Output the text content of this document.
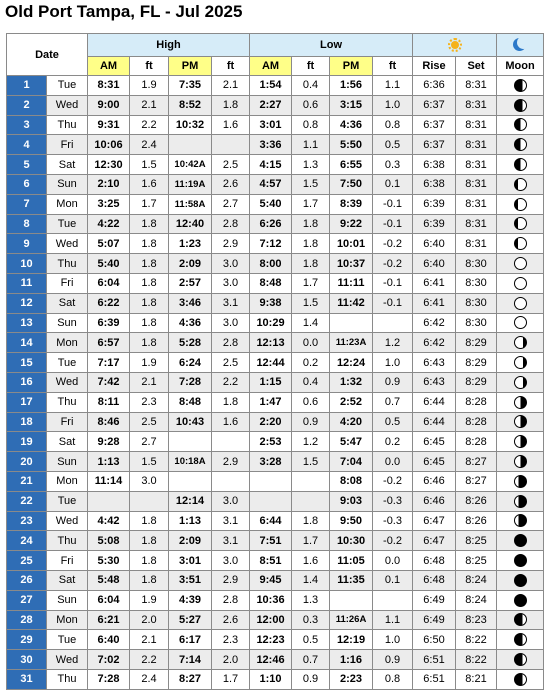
Old Port Tampa, FL - Jul 2025
Date		High				Low						
		AM	ft	PM	ft	AM	ft	PM	ft	Rise	Set	Moon
1	Tue	8:31	1.9	7:35	2.1	1:54	0.4	1:56	1.1	6:36	8:31	
2	Wed	9:00	2.1	8:52	1.8	2:27	0.6	3:15	1.0	6:37	8:31	
3	Thu	9:31	2.2	10:32	1.6	3:01	0.8	4:36	0.8	6:37	8:31	
4	Fri	10:06	2.4			3:36	1.1	5:50	0.5	6:37	8:31	
5	Sat	12:30	1.5	10:42A	2.5	4:15	1.3	6:55	0.3	6:38	8:31	
6	Sun	2:10	1.6	11:19A	2.6	4:57	1.5	7:50	0.1	6:38	8:31	
7	Mon	3:25	1.7	11:58A	2.7	5:40	1.7	8:39	-0.1	6:39	8:31	
8	Tue	4:22	1.8	12:40	2.8	6:26	1.8	9:22	-0.1	6:39	8:31	
9	Wed	5:07	1.8	1:23	2.9	7:12	1.8	10:01	-0.2	6:40	8:31	
10	Thu	5:40	1.8	2:09	3.0	8:00	1.8	10:37	-0.2	6:40	8:30	
11	Fri	6:04	1.8	2:57	3.0	8:48	1.7	11:11	-0.1	6:41	8:30	
12	Sat	6:22	1.8	3:46	3.1	9:38	1.5	11:42	-0.1	6:41	8:30	
13	Sun	6:39	1.8	4:36	3.0	10:29	1.4			6:42	8:30	
14	Mon	6:57	1.8	5:28	2.8	12:13	0.0	11:23A	1.2	6:42	8:29	
15	Tue	7:17	1.9	6:24	2.5	12:44	0.2	12:24	1.0	6:43	8:29	
16	Wed	7:42	2.1	7:28	2.2	1:15	0.4	1:32	0.9	6:43	8:29	
17	Thu	8:11	2.3	8:48	1.8	1:47	0.6	2:52	0.7	6:44	8:28	
18	Fri	8:46	2.5	10:43	1.6	2:20	0.9	4:20	0.5	6:44	8:28	
19	Sat	9:28	2.7			2:53	1.2	5:47	0.2	6:45	8:28	
20	Sun	1:13	1.5	10:18A	2.9	3:28	1.5	7:04	0.0	6:45	8:27	
21	Mon	11:14	3.0					8:08	-0.2	6:46	8:27	
22	Tue			12:14	3.0			9:03	-0.3	6:46	8:26	
23	Wed	4:42	1.8	1:13	3.1	6:44	1.8	9:50	-0.3	6:47	8:26	
24	Thu	5:08	1.8	2:09	3.1	7:51	1.7	10:30	-0.2	6:47	8:25	
25	Fri	5:30	1.8	3:01	3.0	8:51	1.6	11:05	0.0	6:48	8:25	
26	Sat	5:48	1.8	3:51	2.9	9:45	1.4	11:35	0.1	6:48	8:24	
27	Sun	6:04	1.9	4:39	2.8	10:36	1.3			6:49	8:24	
28	Mon	6:21	2.0	5:27	2.6	12:00	0.3	11:26A	1.1	6:49	8:23	
29	Tue	6:40	2.1	6:17	2.3	12:23	0.5	12:19	1.0	6:50	8:22	
30	Wed	7:02	2.2	7:14	2.0	12:46	0.7	1:16	0.9	6:51	8:22	
31	Thu	7:28	2.4	8:27	1.7	1:10	0.9	2:23	0.8	6:51	8:21	
